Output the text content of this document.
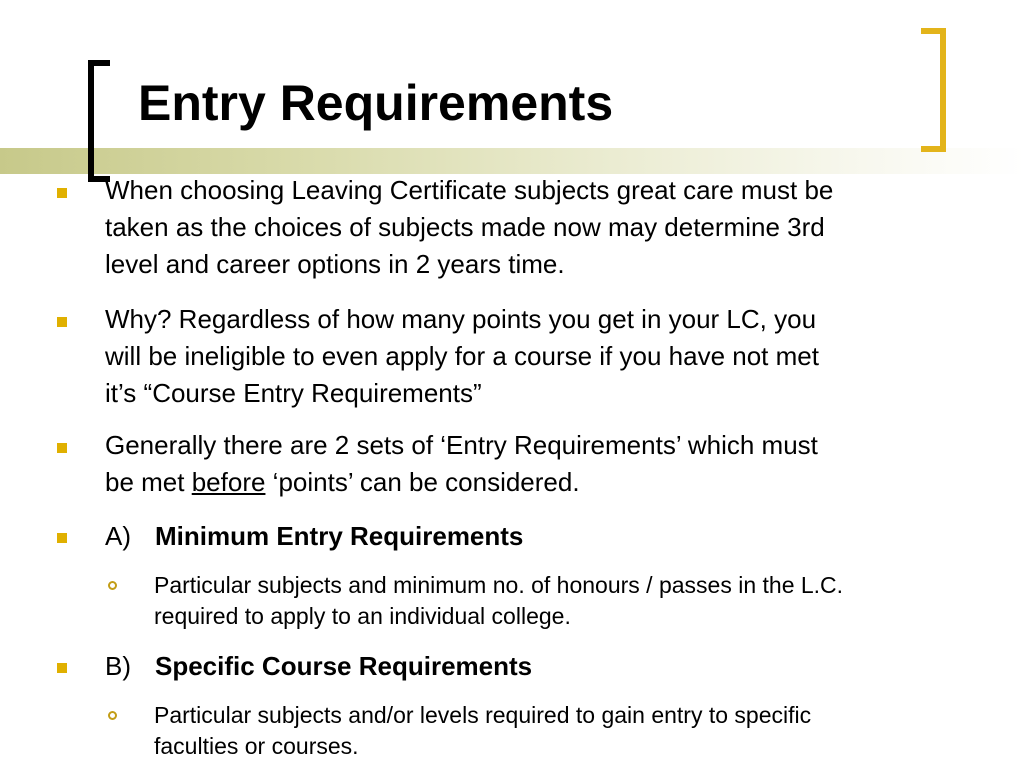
Entry Requirements
When choosing Leaving Certificate subjects great care must be
taken as the choices of subjects made now may determine 3rd
level and career options in 2 years time.
Why? Regardless of how many points you get in your LC, you
will be ineligible to even apply for a course if you have not met
it’s “Course Entry Requirements”
Generally there are 2 sets of ‘Entry Requirements’ which must
be met before ‘points’ can be considered.
A) Minimum Entry Requirements
Particular subjects and minimum no. of honours / passes in the L.C.
required to apply to an individual college.
B) Specific Course Requirements
Particular subjects and/or levels required to gain entry to specific
faculties or courses.
